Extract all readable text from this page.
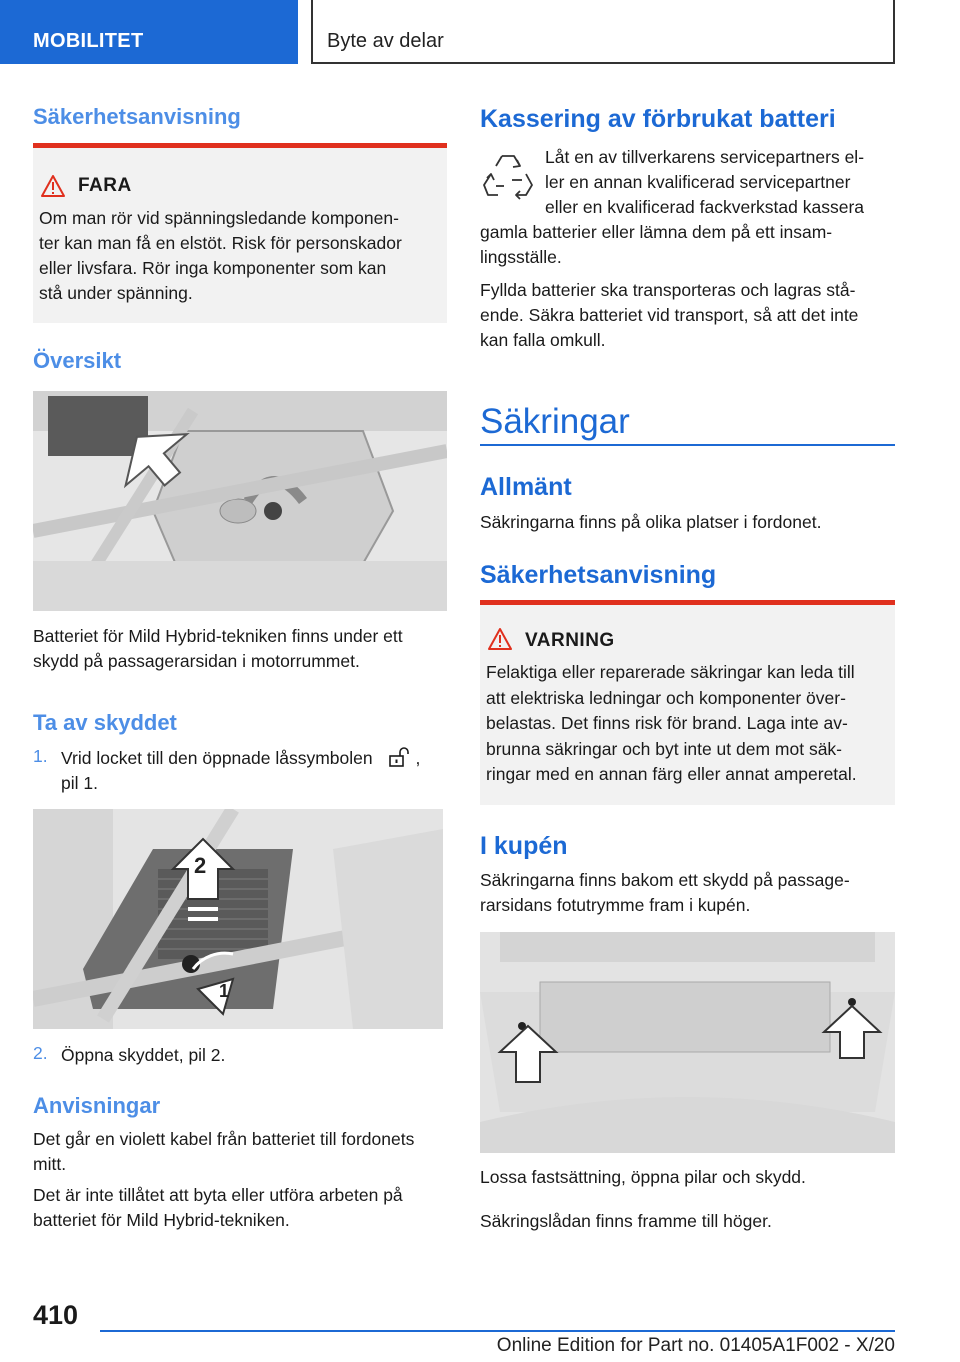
MOBILITET	Byte av delar
Säkerhetsanvisning
FARA
Om man rör vid spänningsledande komponen-
ter kan man få en elstöt. Risk för personskador
eller livsfara. Rör inga komponenter som kan
stå under spänning.
Översikt

Batteriet för Mild Hybrid-tekniken finns under ett
skydd på passagerarsidan i motorrummet.

Ta av skyddet
1. Vrid locket till den öppnade låssymbolen ,
pil 1.

2
1
2. Öppna skyddet, pil 2.

Anvisningar

Det går en violett kabel från batteriet till fordonets
mitt.

Det är inte tillåtet att byta eller utföra arbeten på
batteriet för Mild Hybrid-tekniken.

Kassering av förbrukat batteri

Låt en av tillverkarens servicepartners el-
ler en annan kvalificerad servicepartner
eller en kvalificerad fackverkstad kassera

gamla batterier eller lämna dem på ett insam-
lingsställe.

Fyllda batterier ska transporteras och lagras stå-
ende. Säkra batteriet vid transport, så att det inte
kan falla omkull.

Säkringar
Allmänt

Säkringarna finns på olika platser i fordonet.

Säkerhetsanvisning
VARNING
Felaktiga eller reparerade säkringar kan leda till
att elektriska ledningar och komponenter över-
belastas. Det finns risk för brand. Laga inte av-
brunna säkringar och byt inte ut dem mot säk-
ringar med en annan färg eller annat amperetal.
I kupén

Säkringarna finns bakom ett skydd på passage-
rarsidans fotutrymme fram i kupén.

Lossa fastsättning, öppna pilar och skydd.

Säkringslådan finns framme till höger.

410
Online Edition for Part no. 01405A1F002 - X/20
